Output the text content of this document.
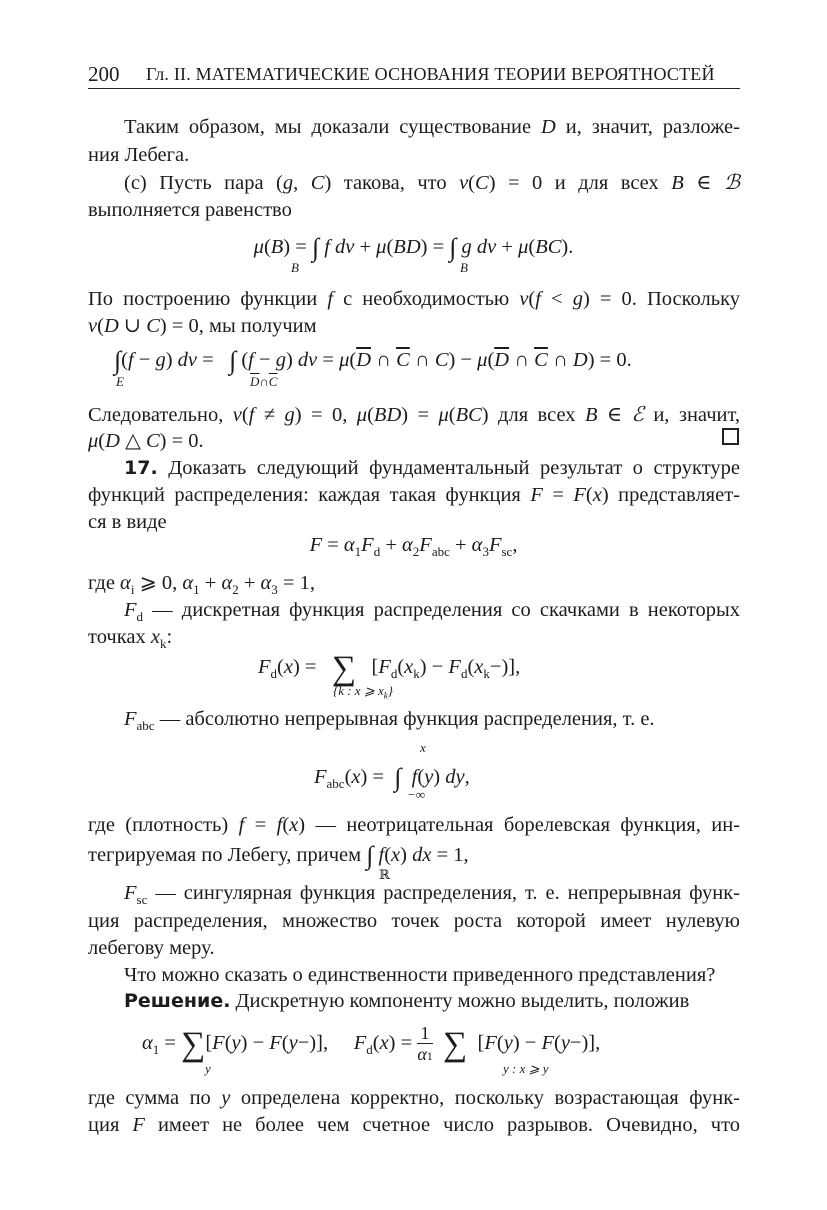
200 Гл. II. МАТЕМАТИЧЕСКИЕ ОСНОВАНИЯ ТЕОРИИ ВЕРОЯТНОСТЕЙ
Таким образом, мы доказали существование D и, значит, разложе-
ния Лебега.
(c) Пусть пара (g, C) такова, что ν(C) = 0 и для всех B ∈ ℬ
выполняется равенство
μ(B) = ∫ f dν + μ(BD) = ∫ g dν + μ(BC).
B	B
По построению функции f с необходимостью ν(f < g) = 0. Поскольку
ν(D ∪ C) = 0, мы получим
∫(f − g) dν =   ∫ (f − g) $d\nu = \mu(\overline{D}$ ∩ $\overline{C}$ ∩ $C) - \mu(\overline{D}$ ∩ $\overline{C}$ ∩ D) = 0.
E	$\overline{D}\cap\overline{C}$
Следовательно, ν(f ≠ g) = 0, μ(BD) = μ(BC) для всех B ∈ ℰ и, значит,
μ(D △ C) = 0.
17. Доказать следующий фундаментальный результат о структуре
функций распределения: каждая такая функция F = F(x) представляет-
ся в виде
$F = \alpha_1F_d + \alpha_2F_{abc} + \alpha_3F_{sc}$,
где $\alpha_i$ ⩾ 0, $\alpha_1 + \alpha_2 + \alpha_3 = 1$,
$F_d$ — дискретная функция распределения со скачками в некоторых
точках $x_k$:
$F_d(x)$ =   ∑   $[F_d(x_k) - F_d(x_k-)]$,
{k : x ⩾ $x_k$}
$F_{abc}$ — абсолютно непрерывная функция распределения, т. е.
x
$F_{abc}(x)$ =  ∫ f(y) dy,
−∞
где (плотность) f = f(x) — неотрицательная борелевская функция, ин-
тегрируемая по Лебегу, причем ∫ f(x) dx = 1,
ℝ
$F_{sc}$ — сингулярная функция распределения, т. е. непрерывная функ-
ция распределения, множество точек роста которой имеет нулевую
лебегову меру.
Что можно сказать о единственности приведенного представления?
Решение. Дискретную компоненту можно выделить, положив
$\alpha_1 = \sum[F(y) - F(y-)]$,     $F_d(x) = \frac{1}{\alpha 1}$ ∑  [F(y) − F(y−)],
y	y : x ⩾ y
где сумма по y определена корректно, поскольку возрастающая функ-
ция F имеет не более чем счетное число разрывов. Очевидно, что
